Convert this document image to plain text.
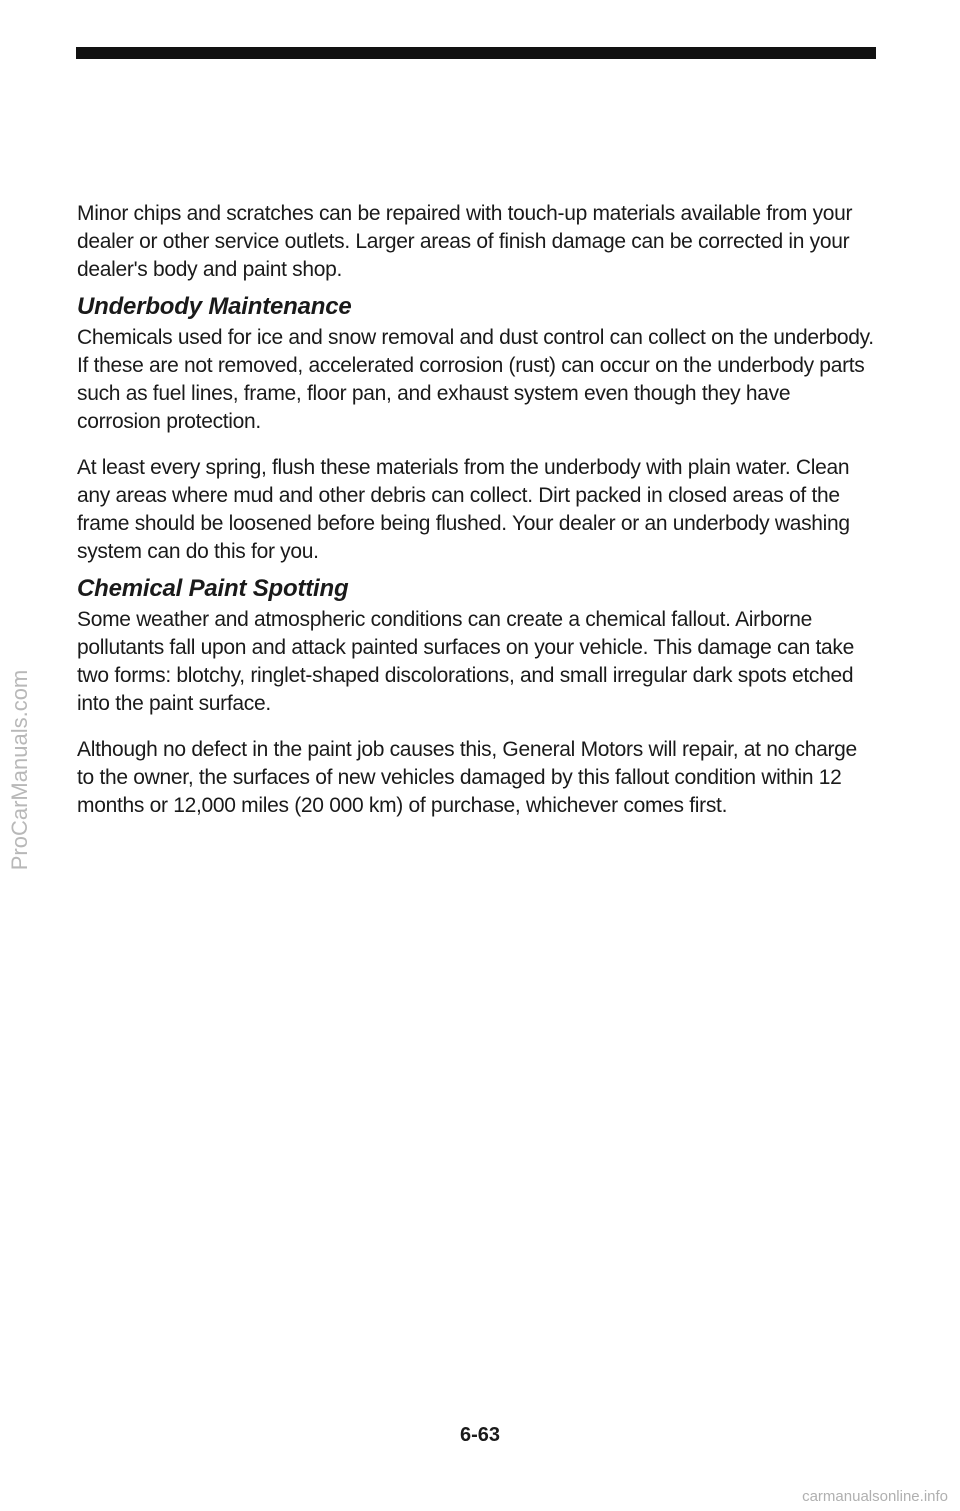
ProCarManuals.com

Minor chips and scratches can be repaired with touch-up materials available from your dealer or other service outlets. Larger areas of finish damage can be corrected in your dealer's body and paint shop.

Underbody Maintenance

Chemicals used for ice and snow removal and dust control can collect on the underbody. If these are not removed, accelerated corrosion (rust) can occur on the underbody parts such as fuel lines, frame, floor pan, and exhaust system even though they have corrosion protection.

At least every spring, flush these materials from the underbody with plain water. Clean any areas where mud and other debris can collect. Dirt packed in closed areas of the frame should be loosened before being flushed. Your dealer or an underbody washing system can do this for you.

Chemical Paint Spotting

Some weather and atmospheric conditions can create a chemical fallout. Airborne pollutants fall upon and attack painted surfaces on your vehicle. This damage can take two forms: blotchy, ringlet-shaped discolorations, and small irregular dark spots etched into the paint surface.

Although no defect in the paint job causes this, General Motors will repair, at no charge to the owner, the surfaces of new vehicles damaged by this fallout condition within 12 months or 12,000 miles (20 000 km) of purchase, whichever comes first.

6-63
carmanualsonline.info
